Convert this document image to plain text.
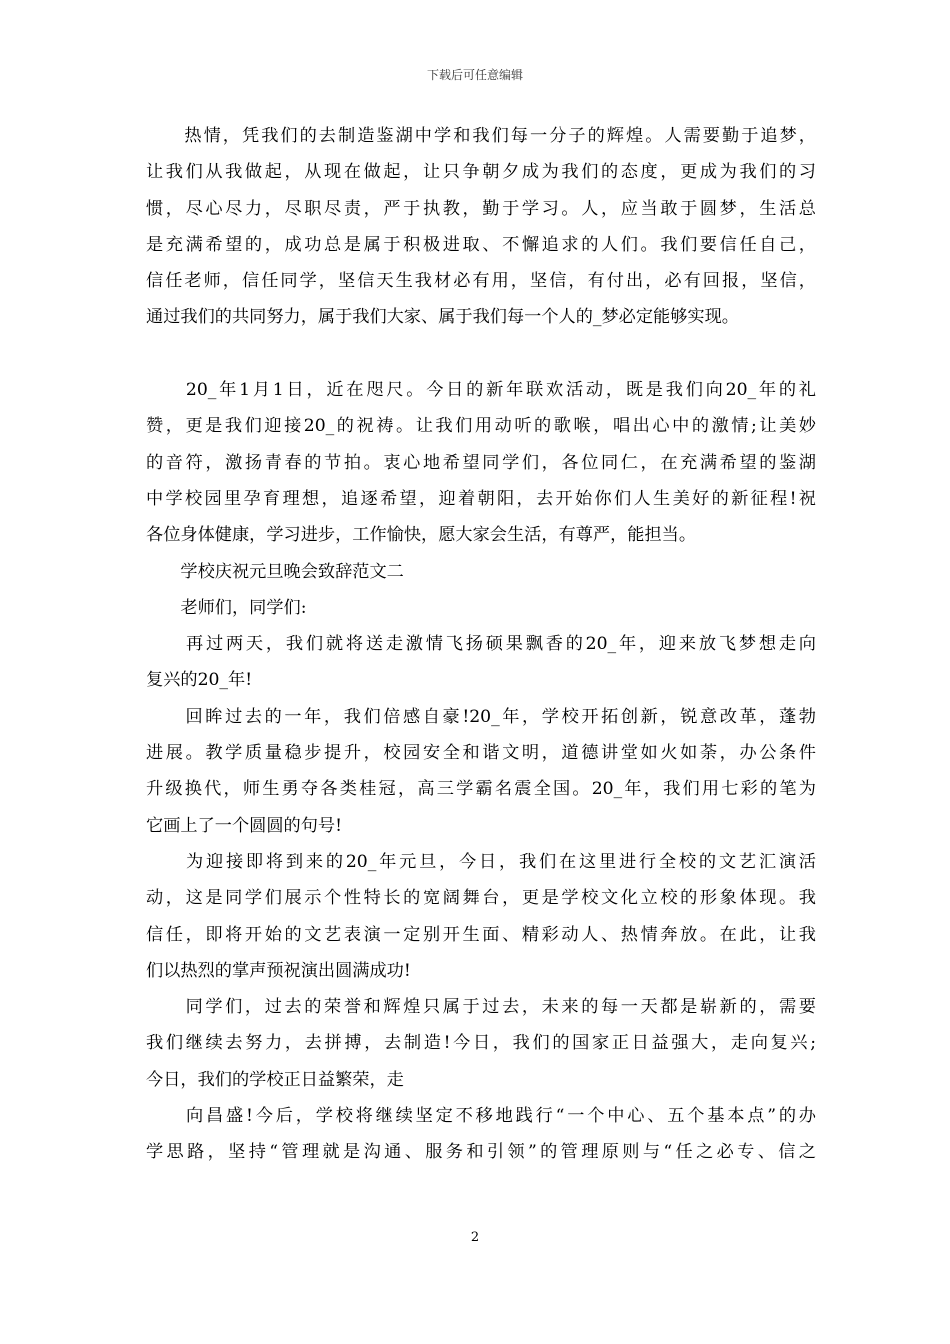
下载后可任意编辑
　　热情，凭我们的去制造鉴湖中学和我们每一分子的辉煌。人需要勤于追梦，
让我们从我做起，从现在做起，让只争朝夕成为我们的态度，更成为我们的习
惯，尽心尽力，尽职尽责，严于执教，勤于学习。人，应当敢于圆梦，生活总
是充满希望的，成功总是属于积极进取、不懈追求的人们。我们要信任自己，
信任老师，信任同学，坚信天生我材必有用，坚信，有付出，必有回报，坚信，
通过我们的共同努力，属于我们大家、属于我们每一个人的_梦必定能够实现。
　　20_年1月1日，近在咫尺。今日的新年联欢活动，既是我们向20_年的礼
赞，更是我们迎接20_的祝祷。让我们用动听的歌喉，唱出心中的激情;让美妙
的音符，激扬青春的节拍。衷心地希望同学们，各位同仁，在充满希望的鉴湖
中学校园里孕育理想，追逐希望，迎着朝阳，去开始你们人生美好的新征程!祝
各位身体健康，学习进步，工作愉快，愿大家会生活，有尊严，能担当。
　　学校庆祝元旦晚会致辞范文二
　　老师们，同学们:
　　再过两天，我们就将送走激情飞扬硕果飘香的20_年，迎来放飞梦想走向
复兴的20_年!
　　回眸过去的一年，我们倍感自豪!20_年，学校开拓创新，锐意改革，蓬勃
进展。教学质量稳步提升，校园安全和谐文明，道德讲堂如火如荼，办公条件
升级换代，师生勇夺各类桂冠，高三学霸名震全国。20_年，我们用七彩的笔为
它画上了一个圆圆的句号!
　　为迎接即将到来的20_年元旦，今日，我们在这里进行全校的文艺汇演活
动，这是同学们展示个性特长的宽阔舞台，更是学校文化立校的形象体现。我
信任，即将开始的文艺表演一定别开生面、精彩动人、热情奔放。在此，让我
们以热烈的掌声预祝演出圆满成功!
　　同学们，过去的荣誉和辉煌只属于过去，未来的每一天都是崭新的，需要
我们继续去努力，去拼搏，去制造!今日，我们的国家正日益强大，走向复兴;
今日，我们的学校正日益繁荣，走
　　向昌盛!今后，学校将继续坚定不移地践行“一个中心、五个基本点”的办
学思路，坚持“管理就是沟通、服务和引领”的管理原则与“任之必专、信之
2
